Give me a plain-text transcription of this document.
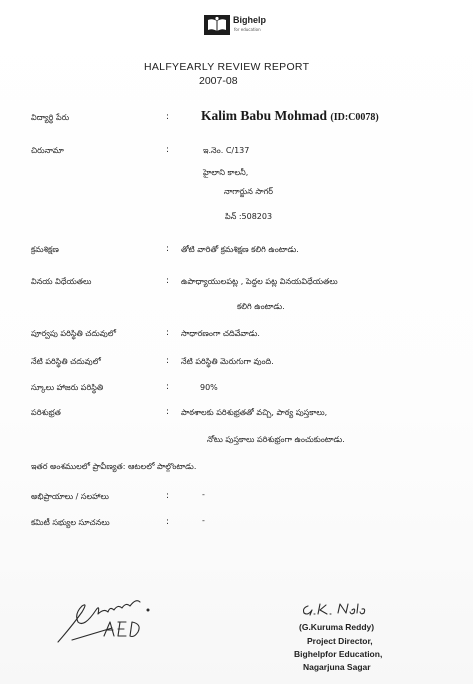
Bighelp
for education
HALFYEARLY REVIEW REPORT
2007-08
విద్యార్థి పేరు	: Kalim Babu Mohmad (ID:C0078)
చిరునామా	:	ఇ.నెం. C/137
హైలాని కాలనీ,
నాగార్జున సాగర్
పిన్ :508203
క్రమశిక్షణ	: తోటి వారితో క్రమశిక్షణ కలిగి ఉంటాడు.
వినయ విధేయతలు	: ఉపాధ్యాయులపట్ల , పెద్దల పట్ల వినయవిధేయతలు
కలిగి ఉంటాడు.
పూర్వపు పరిస్థితి చదువులో	: సాధారణంగా చదివేవాడు.
నేటి పరిస్థితి చదువులో	: నేటి పరిస్థితి మెరుగుగా వుంది.
స్కూలు హాజరు పరిస్థితి	:	90%
పరిశుభ్రత	: పాఠశాలకు పరిశుభ్రతతో వచ్చి, పాఠ్య పుస్తకాలు,
నోటు పుస్తకాలు పరిశుభ్రంగా ఉంచుకుంటాడు.
ఇతర అంశములలో ప్రావీణ్యత: ఆటలలో పాల్గొంటాడు.
అభిప్రాయాలు / సలహాలు	:	-
కమిటీ సభ్యుల సూచనలు	:	-
(G.Kuruma Reddy)
Project Director,
Bighelpfor Education,
Nagarjuna Sagar
